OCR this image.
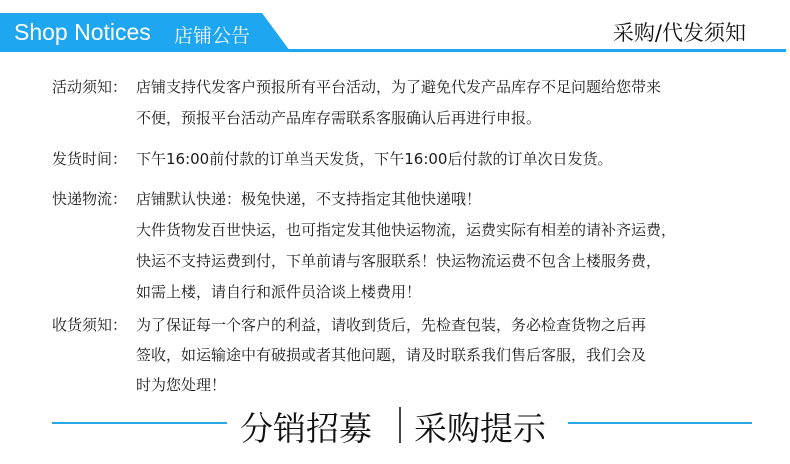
Shop Notices 店铺公告	采购/代发须知
活动须知： 店铺支持代发客户预报所有平台活动，为了避免代发产品库存不足问题给您带来
不便，预报平台活动产品库存需联系客服确认后再进行申报。
发货时间： 下午16:00前付款的订单当天发货，下午16:00后付款的订单次日发货。
快递物流： 店铺默认快递：极兔快递，不支持指定其他快递哦！
大件货物发百世快运，也可指定发其他快运物流，运费实际有相差的请补齐运费，
快运不支持运费到付，下单前请与客服联系！快运物流运费不包含上楼服务费，
如需上楼，请自行和派件员洽谈上楼费用！
收货须知： 为了保证每一个客户的利益，请收到货后，先检查包装，务必检查货物之后再
签收，如运输途中有破损或者其他问题，请及时联系我们售后客服，我们会及
时为您处理！
分销招募 采购提示
